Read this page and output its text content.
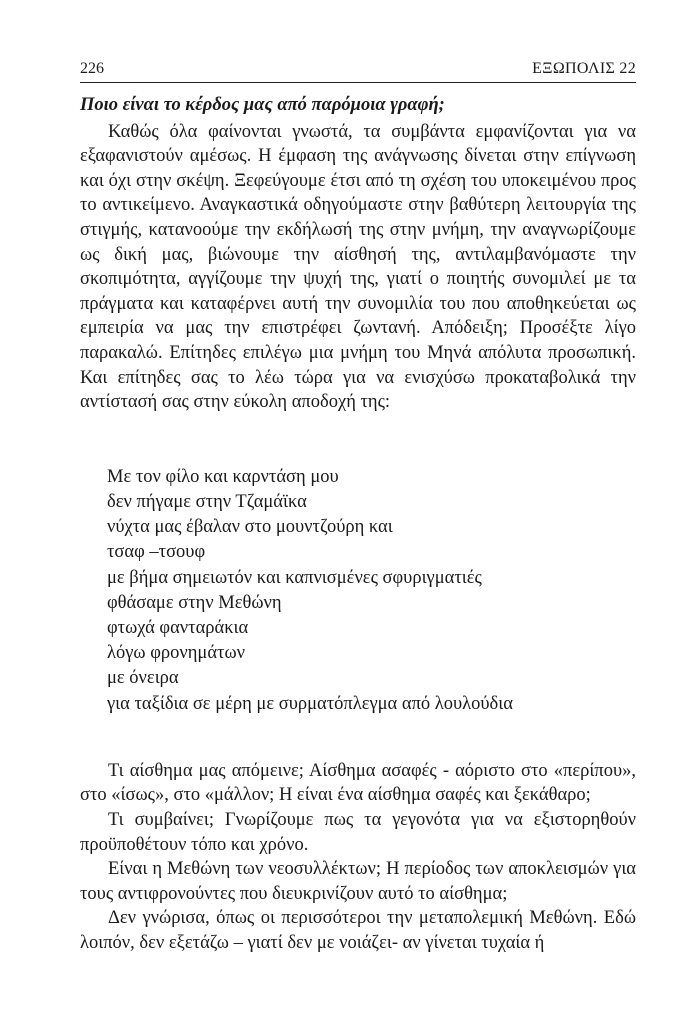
226	ΕΞΩΠΟΛΙΣ 22

Ποιο είναι το κέρδος μας από παρόμοια γραφή;

Καθώς όλα φαίνονται γνωστά, τα συμβάντα εμφανίζονται για να εξαφανιστούν αμέσως. Η έμφαση της ανάγνωσης δίνεται στην επίγνωση και όχι στην σκέψη. Ξεφεύγουμε έτσι από τη σχέση του υποκειμένου προς το αντικείμενο. Αναγκαστικά οδηγούμαστε στην βαθύτερη λειτουργία της στιγμής, κατανοούμε την εκδήλωσή της στην μνήμη, την αναγνωρίζουμε ως δική μας, βιώνουμε την αίσθησή της, αντιλαμβανόμαστε την σκοπιμότητα, αγγίζουμε την ψυχή της, γιατί ο ποιητής συνομιλεί με τα πράγματα και καταφέρνει αυτή την συνομιλία του που αποθηκεύεται ως εμπειρία να μας την επιστρέφει ζωντανή. Απόδειξη; Προσέξτε λίγο παρακαλώ. Επίτηδες επιλέγω μια μνήμη του Μηνά απόλυτα προσωπική. Και επίτηδες σας το λέω τώρα για να ενισχύσω προκαταβολικά την αντίστασή σας στην εύκολη αποδοχή της:

Με τον φίλο και καρντάση μου

δεν πήγαμε στην Τζαμάϊκα

νύχτα μας έβαλαν στο μουντζούρη και

τσαφ –τσουφ

με βήμα σημειωτόν και καπνισμένες σφυριγματιές

φθάσαμε στην Μεθώνη

φτωχά φανταράκια

λόγω φρονημάτων

με όνειρα

για ταξίδια σε μέρη με συρματόπλεγμα από λουλούδια

Τι αίσθημα μας απόμεινε; Αίσθημα ασαφές - αόριστο στο «περίπου», στο «ίσως», στο «μάλλον; Η είναι ένα αίσθημα σαφές και ξεκάθαρο;

Τι συμβαίνει; Γνωρίζουμε πως τα γεγονότα για να εξιστορηθούν προϋποθέτουν τόπο και χρόνο.

Είναι η Μεθώνη των νεοσυλλέκτων; Η περίοδος των αποκλεισμών για τους αντιφρονούντες που διευκρινίζουν αυτό το αίσθημα;

Δεν γνώρισα, όπως οι περισσότεροι την μεταπολεμική Μεθώνη. Εδώ λοιπόν, δεν εξετάζω – γιατί δεν με νοιάζει- αν γίνεται τυχαία ή
